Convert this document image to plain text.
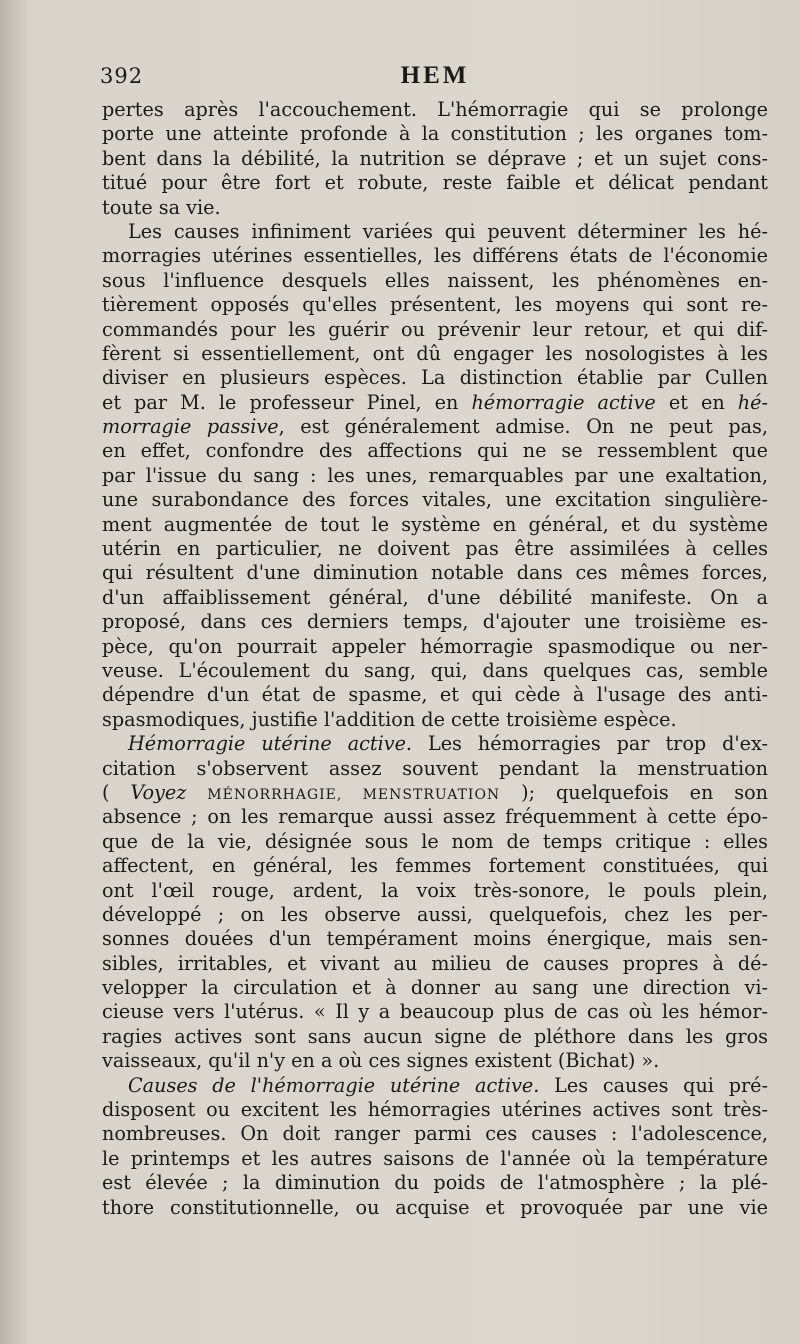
392	HEM
pertes après l'accouchement. L'hémorragie qui se prolonge
porte une atteinte profonde à la constitution ; les organes tom-
bent dans la débilité, la nutrition se déprave ; et un sujet cons-
titué pour être fort et robute, reste faible et délicat pendant
toute sa vie.
Les causes infiniment variées qui peuvent déterminer les hé-
morragies utérines essentielles, les différens états de l'économie
sous l'influence desquels elles naissent, les phénomènes en-
tièrement opposés qu'elles présentent, les moyens qui sont re-
commandés pour les guérir ou prévenir leur retour, et qui dif-
fèrent si essentiellement, ont dû engager les nosologistes à les
diviser en plusieurs espèces. La distinction établie par Cullen
et par M. le professeur Pinel, en hémorragie active et en hé-
morragie passive, est généralement admise. On ne peut pas,
en effet, confondre des affections qui ne se ressemblent que
par l'issue du sang : les unes, remarquables par une exaltation,
une surabondance des forces vitales, une excitation singulière-
ment augmentée de tout le système en général, et du système
utérin en particulier, ne doivent pas être assimilées à celles
qui résultent d'une diminution notable dans ces mêmes forces,
d'un affaiblissement général, d'une débilité manifeste. On a
proposé, dans ces derniers temps, d'ajouter une troisième es-
pèce, qu'on pourrait appeler hémorragie spasmodique ou ner-
veuse. L'écoulement du sang, qui, dans quelques cas, semble
dépendre d'un état de spasme, et qui cède à l'usage des anti-
spasmodiques, justifie l'addition de cette troisième espèce.
Hémorragie utérine active. Les hémorragies par trop d'ex-
citation s'observent assez souvent pendant la menstruation
( Voyez MÉNORRHAGIE, MENSTRUATION ); quelquefois en son
absence ; on les remarque aussi assez fréquemment à cette épo-
que de la vie, désignée sous le nom de temps critique : elles
affectent, en général, les femmes fortement constituées, qui
ont l'œil rouge, ardent, la voix très-sonore, le pouls plein,
développé ; on les observe aussi, quelquefois, chez les per-
sonnes douées d'un tempérament moins énergique, mais sen-
sibles, irritables, et vivant au milieu de causes propres à dé-
velopper la circulation et à donner au sang une direction vi-
cieuse vers l'utérus. « Il y a beaucoup plus de cas où les hémor-
ragies actives sont sans aucun signe de pléthore dans les gros
vaisseaux, qu'il n'y en a où ces signes existent (Bichat) ».
Causes de l'hémorragie utérine active. Les causes qui pré-
disposent ou excitent les hémorragies utérines actives sont très-
nombreuses. On doit ranger parmi ces causes : l'adolescence,
le printemps et les autres saisons de l'année où la température
est élevée ; la diminution du poids de l'atmosphère ; la plé-
thore constitutionnelle, ou acquise et provoquée par une vie
